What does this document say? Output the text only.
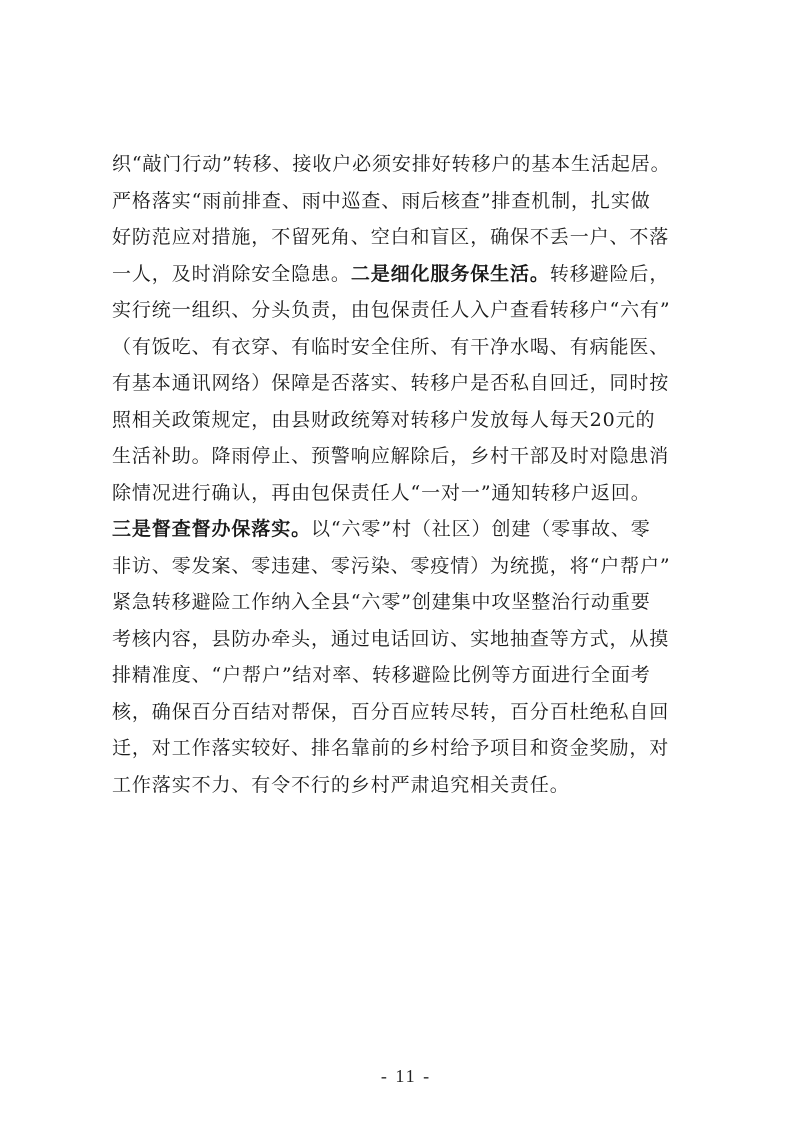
织“敲门行动”转移、接收户必须安排好转移户的基本生活起居。
严格落实“雨前排查、雨中巡查、雨后核查”排查机制，扎实做
好防范应对措施，不留死角、空白和盲区，确保不丢一户、不落
一人，及时消除安全隐患。二是细化服务保生活。转移避险后，
实行统一组织、分头负责，由包保责任人入户查看转移户“六有”
（有饭吃、有衣穿、有临时安全住所、有干净水喝、有病能医、
有基本通讯网络）保障是否落实、转移户是否私自回迁，同时按
照相关政策规定，由县财政统筹对转移户发放每人每天20元的
生活补助。降雨停止、预警响应解除后，乡村干部及时对隐患消
除情况进行确认，再由包保责任人“一对一”通知转移户返回。
三是督查督办保落实。以“六零”村（社区）创建（零事故、零
非访、零发案、零违建、零污染、零疫情）为统揽，将“户帮户”
紧急转移避险工作纳入全县“六零”创建集中攻坚整治行动重要
考核内容，县防办牵头，通过电话回访、实地抽查等方式，从摸
排精准度、“户帮户”结对率、转移避险比例等方面进行全面考
核，确保百分百结对帮保，百分百应转尽转，百分百杜绝私自回
迁，对工作落实较好、排名靠前的乡村给予项目和资金奖励，对
工作落实不力、有令不行的乡村严肃追究相关责任。
- 11 -
